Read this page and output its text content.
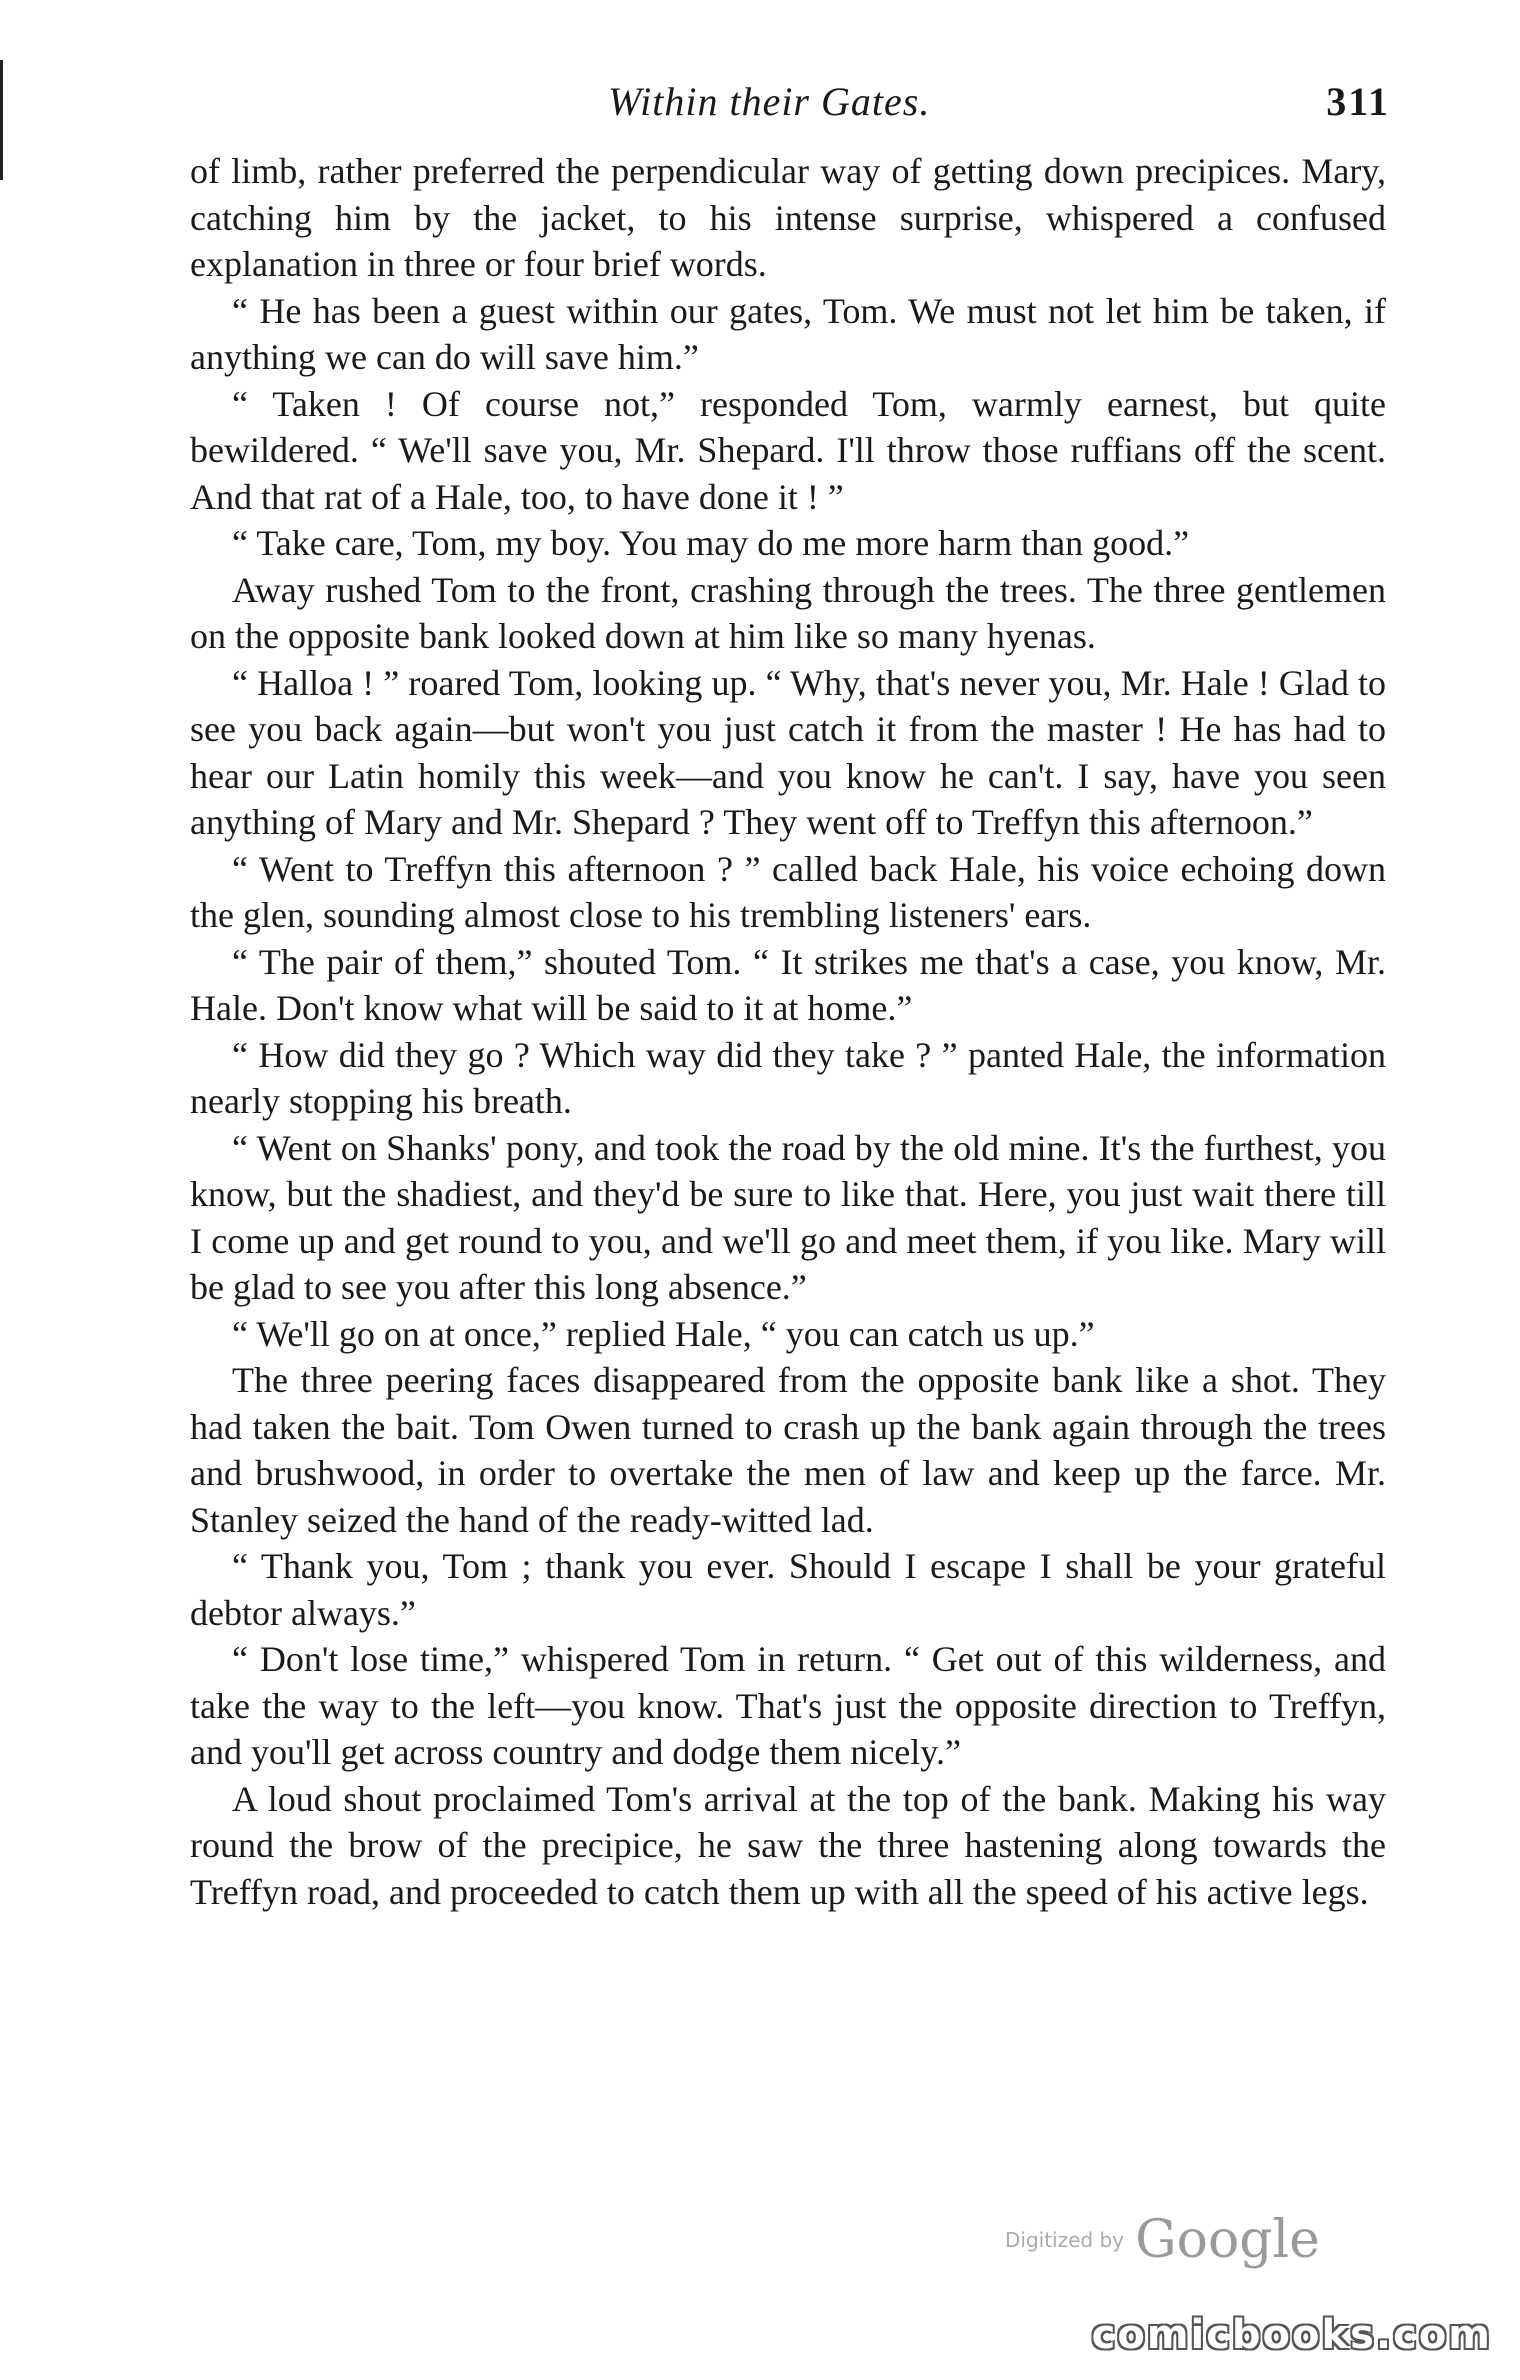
Within their Gates.	311

of limb, rather preferred the perpendicular way of getting down precipices. Mary, catching him by the jacket, to his intense surprise, whispered a confused explanation in three or four brief words.

“ He has been a guest within our gates, Tom. We must not let him be taken, if anything we can do will save him.”

“ Taken ! Of course not,” responded Tom, warmly earnest, but quite bewildered. “ We'll save you, Mr. Shepard. I'll throw those ruffians off the scent. And that rat of a Hale, too, to have done it ! ”

“ Take care, Tom, my boy. You may do me more harm than good.”

Away rushed Tom to the front, crashing through the trees. The three gentlemen on the opposite bank looked down at him like so many hyenas.

“ Halloa ! ” roared Tom, looking up. “ Why, that's never you, Mr. Hale ! Glad to see you back again—but won't you just catch it from the master ! He has had to hear our Latin homily this week—and you know he can't. I say, have you seen anything of Mary and Mr. Shepard ? They went off to Treffyn this afternoon.”

“ Went to Treffyn this afternoon ? ” called back Hale, his voice echoing down the glen, sounding almost close to his trembling listeners' ears.

“ The pair of them,” shouted Tom. “ It strikes me that's a case, you know, Mr. Hale. Don't know what will be said to it at home.”

“ How did they go ? Which way did they take ? ” panted Hale, the information nearly stopping his breath.

“ Went on Shanks' pony, and took the road by the old mine. It's the furthest, you know, but the shadiest, and they'd be sure to like that. Here, you just wait there till I come up and get round to you, and we'll go and meet them, if you like. Mary will be glad to see you after this long absence.”

“ We'll go on at once,” replied Hale, “ you can catch us up.”

The three peering faces disappeared from the opposite bank like a shot. They had taken the bait. Tom Owen turned to crash up the bank again through the trees and brushwood, in order to overtake the men of law and keep up the farce. Mr. Stanley seized the hand of the ready-witted lad.

“ Thank you, Tom ; thank you ever. Should I escape I shall be your grateful debtor always.”

“ Don't lose time,” whispered Tom in return. “ Get out of this wilderness, and take the way to the left—you know. That's just the opposite direction to Treffyn, and you'll get across country and dodge them nicely.”

A loud shout proclaimed Tom's arrival at the top of the bank. Making his way round the brow of the precipice, he saw the three hastening along towards the Treffyn road, and proceeded to catch them up with all the speed of his active legs.

Digitized by Google
comicbooks.com
